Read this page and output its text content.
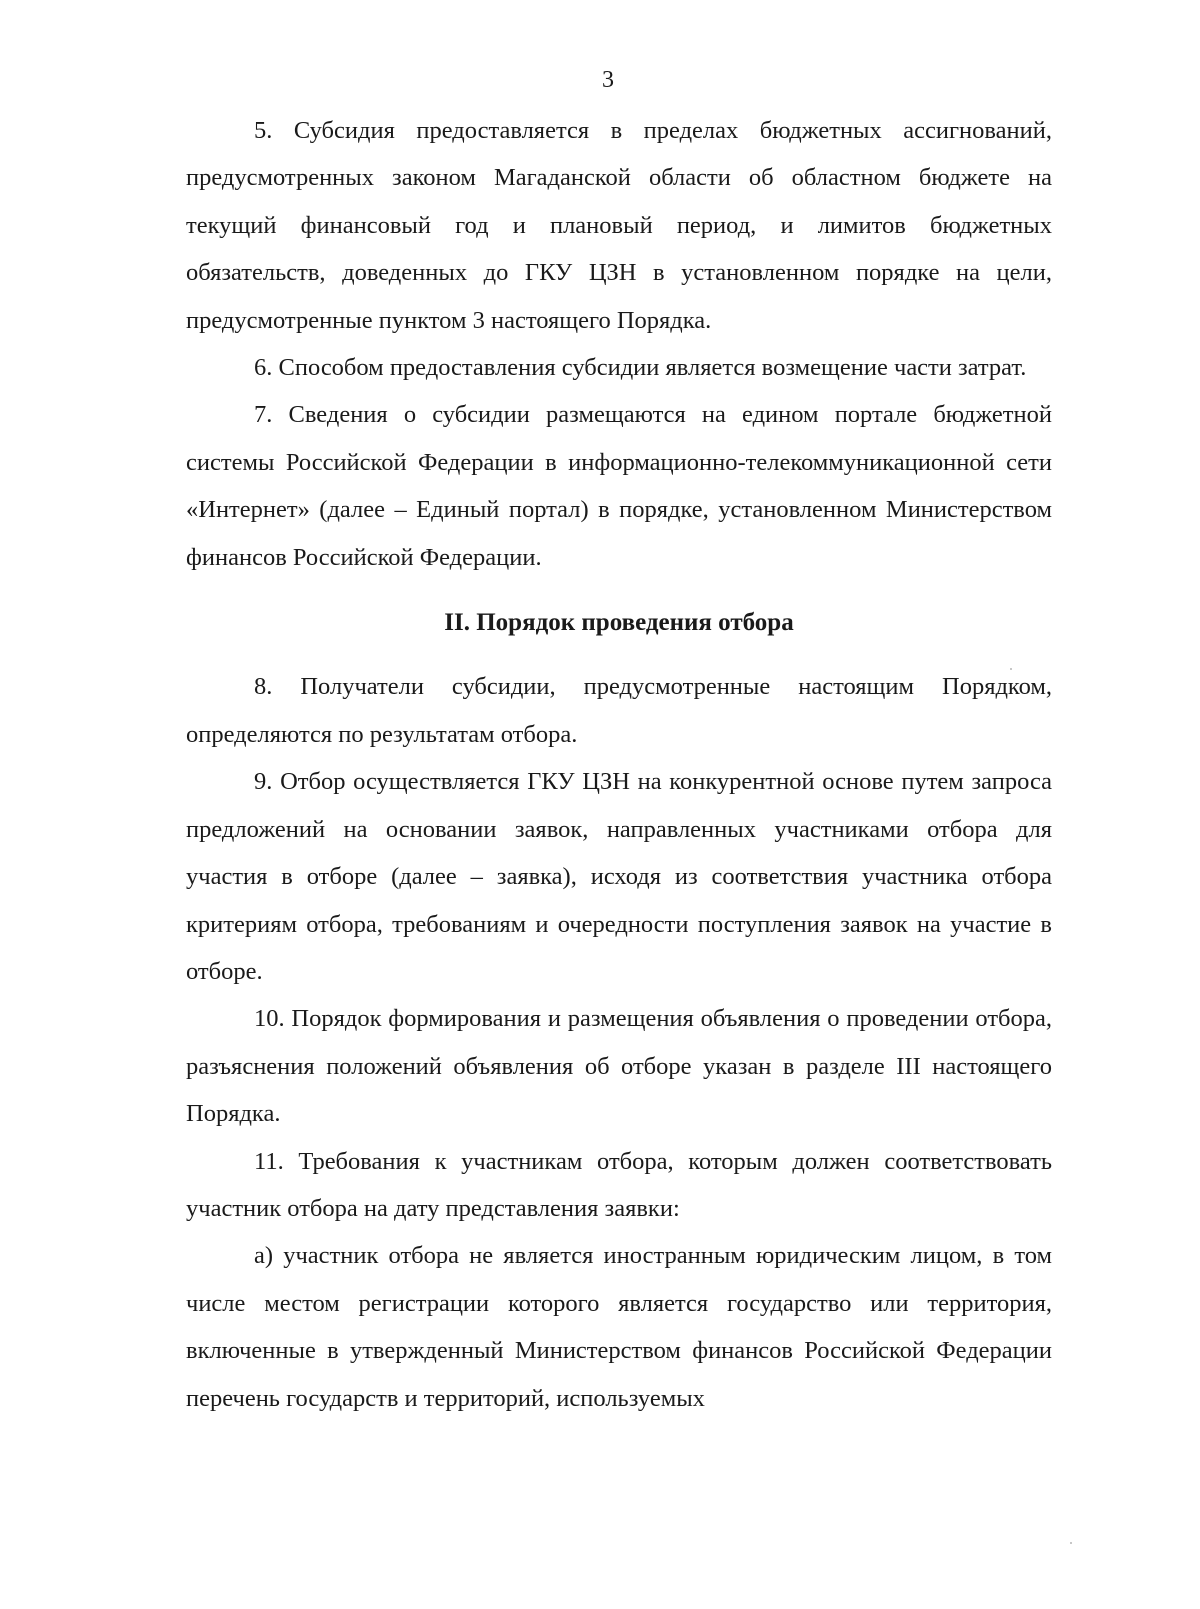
3

5. Субсидия предоставляется в пределах бюджетных ассигнований, предусмотренных законом Магаданской области об областном бюджете на текущий финансовый год и плановый период, и лимитов бюджетных обязательств, доведенных до ГКУ ЦЗН в установленном порядке на цели, предусмотренные пунктом 3 настоящего Порядка.

6. Способом предоставления субсидии является возмещение части затрат.

7. Сведения о субсидии размещаются на едином портале бюджетной системы Российской Федерации в информационно-телекоммуникационной сети «Интернет» (далее – Единый портал) в порядке, установленном Министерством финансов Российской Федерации.

II. Порядок проведения отбора

8. Получатели субсидии, предусмотренные настоящим Порядком, определяются по результатам отбора.

9. Отбор осуществляется ГКУ ЦЗН на конкурентной основе путем запроса предложений на основании заявок, направленных участниками отбора для участия в отборе (далее – заявка), исходя из соответствия участника отбора критериям отбора, требованиям и очередности поступления заявок на участие в отборе.

10. Порядок формирования и размещения объявления о проведении отбора, разъяснения положений объявления об отборе указан в разделе III настоящего Порядка.

11. Требования к участникам отбора, которым должен соответствовать участник отбора на дату представления заявки:

а) участник отбора не является иностранным юридическим лицом, в том числе местом регистрации которого является государство или территория, включенные в утвержденный Министерством финансов Российской Федерации перечень государств и территорий, используемых
